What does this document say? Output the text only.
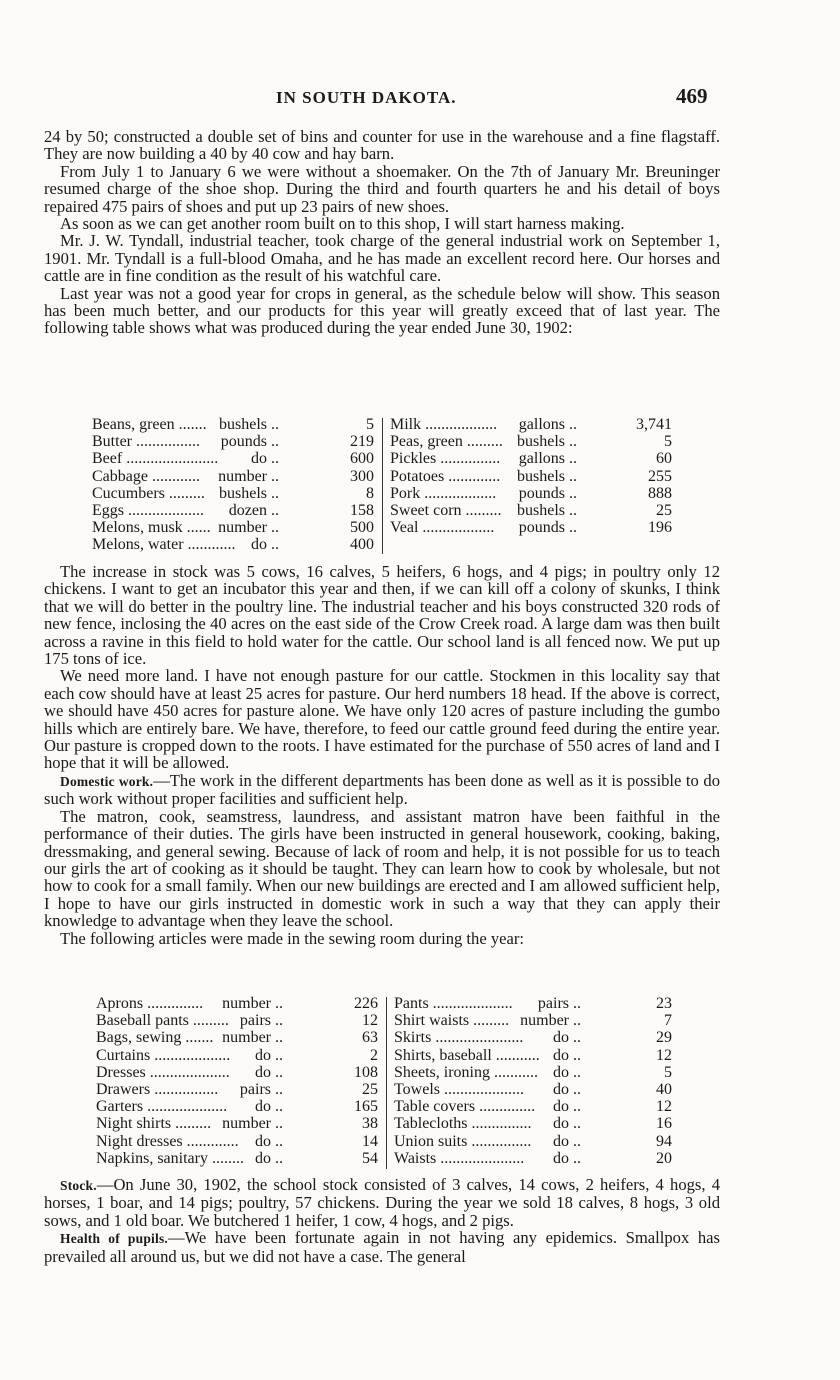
IN SOUTH DAKOTA.	469

24 by 50; constructed a double set of bins and counter for use in the warehouse and a fine flagstaff. They are now building a 40 by 40 cow and hay barn.

From July 1 to January 6 we were without a shoemaker. On the 7th of January Mr. Breuninger resumed charge of the shoe shop. During the third and fourth quarters he and his detail of boys repaired 475 pairs of shoes and put up 23 pairs of new shoes.

As soon as we can get another room built on to this shop, I will start harness making.

Mr. J. W. Tyndall, industrial teacher, took charge of the general industrial work on September 1, 1901. Mr. Tyndall is a full-blood Omaha, and he has made an excellent record here. Our horses and cattle are in fine condition as the result of his watchful care.

Last year was not a good year for crops in general, as the schedule below will show. This season has been much better, and our products for this year will greatly exceed that of last year. The following table shows what was produced during the year ended June 30, 1902:

Beans, green ....... bushels ..	5
Butter ................ pounds ..	219
Beef ....................... do ..	600
Cabbage ............ number ..	300
Cucumbers ......... bushels ..	8
Eggs ................... dozen ..	158
Melons, musk ...... number ..	500
Melons, water ............ do ..	400
Milk .................. gallons ..	3,741
Peas, green ......... bushels ..	5
Pickles ............... gallons ..	60
Potatoes ............. bushels ..	255
Pork .................. pounds ..	888
Sweet corn ......... bushels ..	25
Veal .................. pounds ..	196

The increase in stock was 5 cows, 16 calves, 5 heifers, 6 hogs, and 4 pigs; in poultry only 12 chickens. I want to get an incubator this year and then, if we can kill off a colony of skunks, I think that we will do better in the poultry line. The industrial teacher and his boys constructed 320 rods of new fence, inclosing the 40 acres on the east side of the Crow Creek road. A large dam was then built across a ravine in this field to hold water for the cattle. Our school land is all fenced now. We put up 175 tons of ice.

We need more land. I have not enough pasture for our cattle. Stockmen in this locality say that each cow should have at least 25 acres for pasture. Our herd numbers 18 head. If the above is correct, we should have 450 acres for pasture alone. We have only 120 acres of pasture including the gumbo hills which are entirely bare. We have, therefore, to feed our cattle ground feed during the entire year. Our pasture is cropped down to the roots. I have estimated for the purchase of 550 acres of land and I hope that it will be allowed.

Domestic work.—The work in the different departments has been done as well as it is possible to do such work without proper facilities and sufficient help.

The matron, cook, seamstress, laundress, and assistant matron have been faithful in the performance of their duties. The girls have been instructed in general housework, cooking, baking, dressmaking, and general sewing. Because of lack of room and help, it is not possible for us to teach our girls the art of cooking as it should be taught. They can learn how to cook by wholesale, but not how to cook for a small family. When our new buildings are erected and I am allowed sufficient help, I hope to have our girls instructed in domestic work in such a way that they can apply their knowledge to advantage when they leave the school.

The following articles were made in the sewing room during the year:

Aprons .............. number ..	226
Baseball pants ......... pairs ..	12
Bags, sewing ....... number ..	63
Curtains ................... do ..	2
Dresses .................... do ..	108
Drawers ................ pairs ..	25
Garters .................... do ..	165
Night shirts ......... number ..	38
Night dresses ............. do ..	14
Napkins, sanitary ........ do ..	54
Pants .................... pairs ..	23
Shirt waists ......... number ..	7
Skirts ...................... do ..	29
Shirts, baseball ........... do ..	12
Sheets, ironing ........... do ..	5
Towels .................... do ..	40
Table covers .............. do ..	12
Tablecloths ............... do ..	16
Union suits ............... do ..	94
Waists ..................... do ..	20

Stock.—On June 30, 1902, the school stock consisted of 3 calves, 14 cows, 2 heifers, 4 hogs, 4 horses, 1 boar, and 14 pigs; poultry, 57 chickens. During the year we sold 18 calves, 8 hogs, 3 old sows, and 1 old boar. We butchered 1 heifer, 1 cow, 4 hogs, and 2 pigs.

Health of pupils.—We have been fortunate again in not having any epidemics. Smallpox has prevailed all around us, but we did not have a case. The general
